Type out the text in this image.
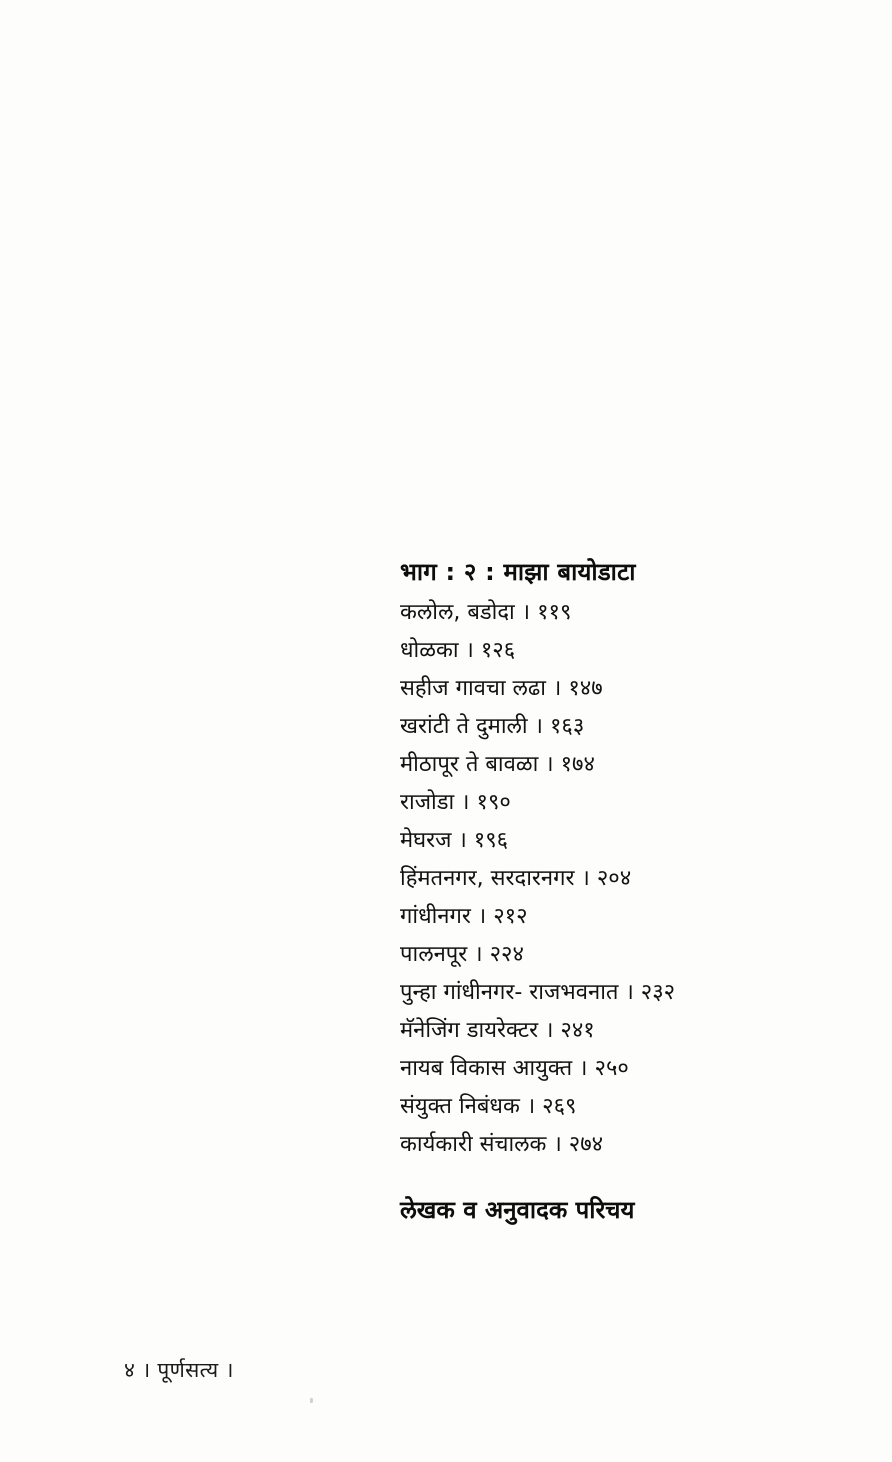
भाग : २ : माझा बायोडाटा
कलोल, बडोदा । ११९
धोळका । १२६
सहीज गावचा लढा । १४७
खरांटी ते दुमाली । १६३
मीठापूर ते बावळा । १७४
राजोडा । १९०
मेघरज । १९६
हिंमतनगर, सरदारनगर । २०४
गांधीनगर । २१२
पालनपूर । २२४
पुन्हा गांधीनगर- राजभवनात । २३२
मॅनेजिंग डायरेक्टर । २४१
नायब विकास आयुक्त । २५०
संयुक्त निबंधक । २६९
कार्यकारी संचालक । २७४
लेखक व अनुवादक परिचय
४ । पूर्णसत्य ।
